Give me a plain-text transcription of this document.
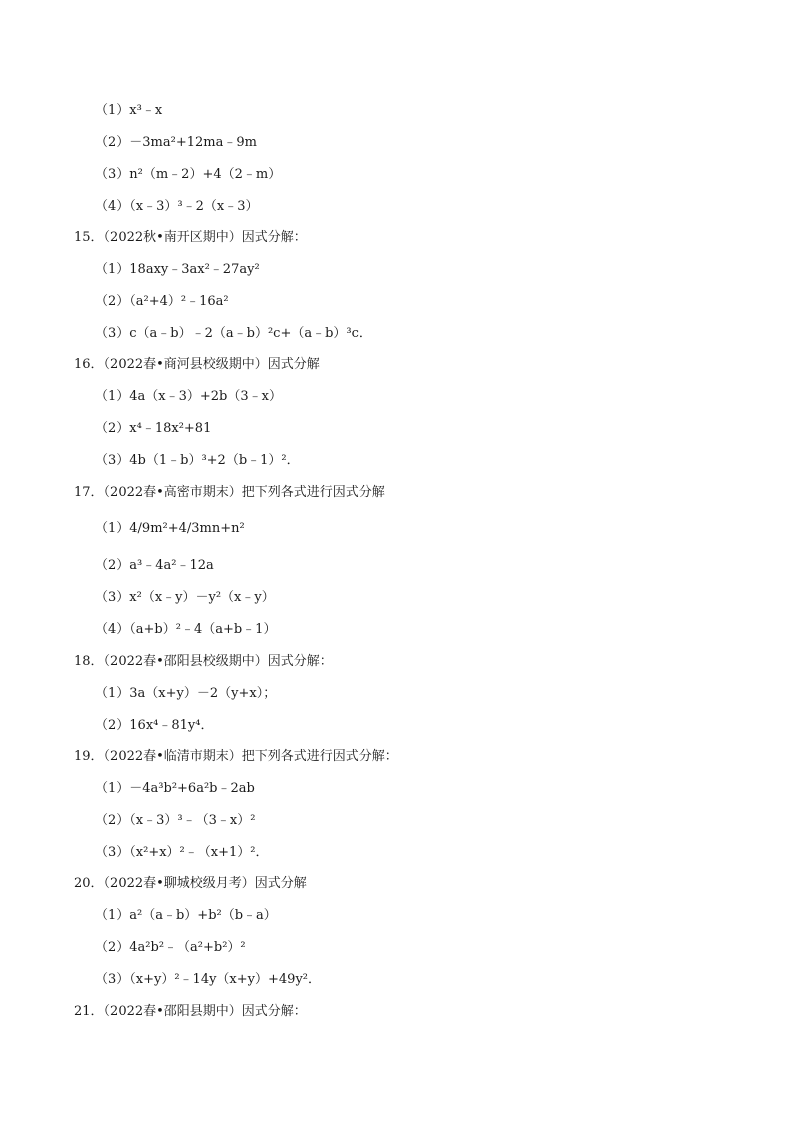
（1）x³﹣x
（2）－3ma²+12ma﹣9m
（3）n²（m﹣2）+4（2﹣m）
（4）（x﹣3）³﹣2（x﹣3）
15．（2022秋•南开区期中）因式分解：
（1）18axy﹣3ax²﹣27ay²
（2）（a²+4）²﹣16a²
（3）c（a﹣b）﹣2（a﹣b）²c+（a﹣b）³c．
16．（2022春•商河县校级期中）因式分解
（1）4a（x﹣3）+2b（3﹣x）
（2）x⁴﹣18x²+81
（3）4b（1﹣b）³+2（b﹣1）²．
17．（2022春•高密市期末）把下列各式进行因式分解
（1）4/9m²+4/3mn+n²
（2）a³﹣4a²﹣12a
（3）x²（x﹣y）－y²（x﹣y）
（4）（a+b）²﹣4（a+b﹣1）
18．（2022春•邵阳县校级期中）因式分解：
（1）3a（x+y）－2（y+x）；
（2）16x⁴﹣81y⁴．
19．（2022春•临清市期末）把下列各式进行因式分解：
（1）－4a³b²+6a²b﹣2ab
（2）（x﹣3）³﹣（3﹣x）²
（3）（x²+x）²﹣（x+1）²．
20．（2022春•聊城校级月考）因式分解
（1）a²（a﹣b）+b²（b﹣a）
（2）4a²b²﹣（a²+b²）²
（3）（x+y）²﹣14y（x+y）+49y²．
21．（2022春•邵阳县期中）因式分解：
